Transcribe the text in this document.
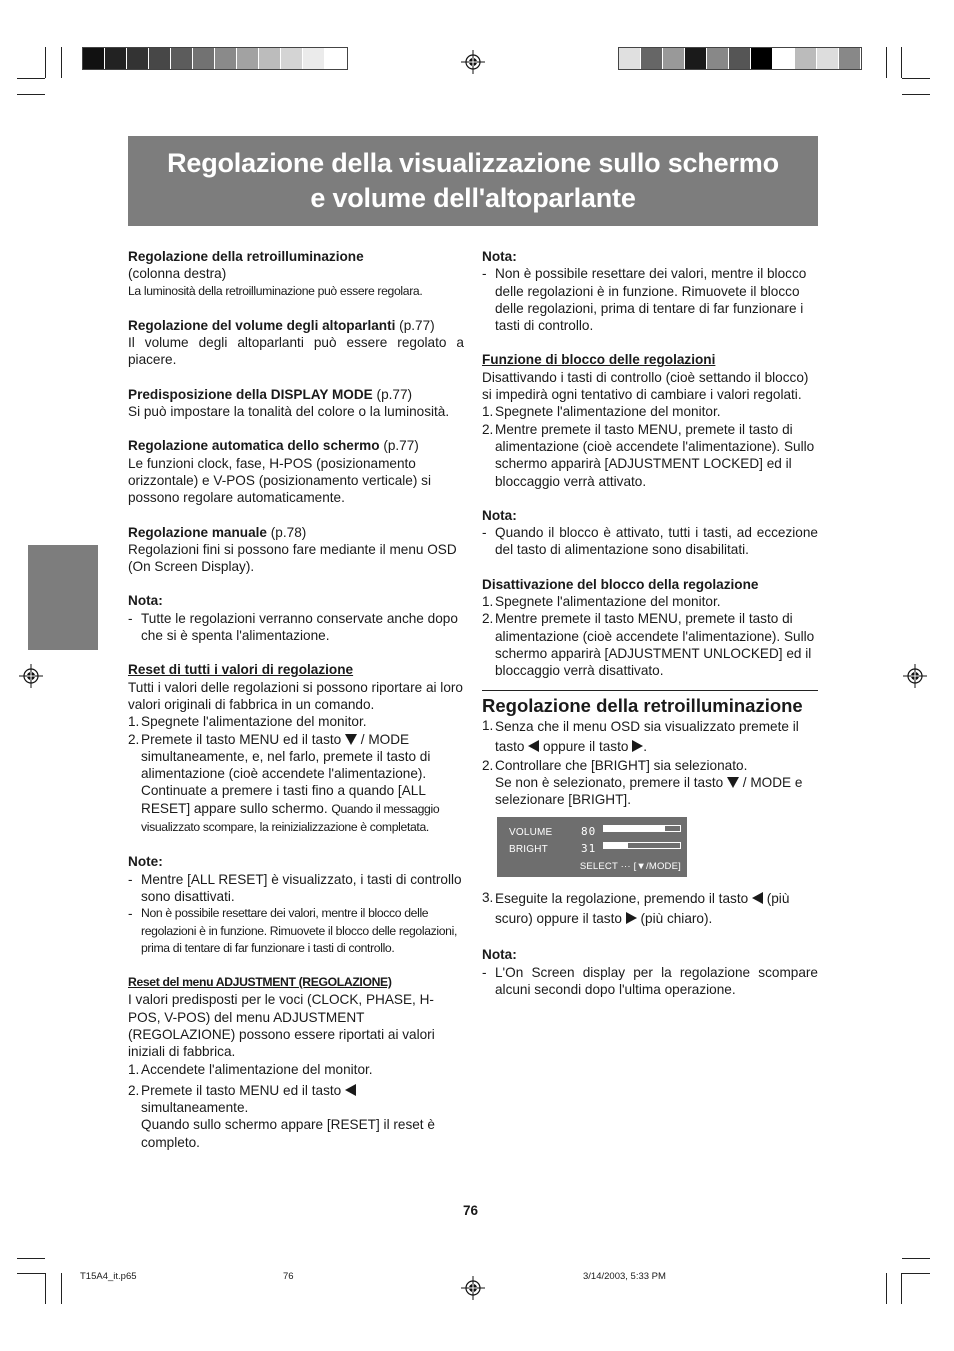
Regolazione della visualizzazione sullo schermo
e volume dell'altoparlante

Regolazione della retroilluminazione

(colonna destra)

La luminosità della retroilluminazione può essere regolara.

Regolazione del volume degli altoparlanti (p.77)

Il volume degli altoparlanti può essere regolato a piacere.

Predisposizione della DISPLAY MODE (p.77)

Si può impostare la tonalità del colore o la luminosità.

Regolazione automatica dello schermo (p.77)

Le funzioni clock, fase, H-POS (posizionamento orizzontale) e V-POS (posizionamento verticale) si possono regolare automaticamente.

Regolazione manuale (p.78)

Regolazioni fini si possono fare mediante il menu OSD (On Screen Display).

Nota:

- Tutte le regolazioni verranno conservate anche dopo che si è spenta l'alimentazione.

Reset di tutti i valori di regolazione

Tutti i valori delle regolazioni si possono riportare ai loro valori originali di fabbrica in un comando.

1. Spegnete l'alimentazione del monitor.
2. Premete il tasto MENU ed il tasto  / MODE simultaneamente, e, nel farlo, premete il tasto di alimentazione (cioè accendete l'alimentazione). Continuate a premere i tasti fino a quando [ALL RESET] appare sullo schermo. Quando il messaggio visualizzato scompare, la reinizializzazione è completata.

Note:

- Mentre [ALL RESET] è visualizzato, i tasti di controllo sono disattivati.
- Non è possibile resettare dei valori, mentre il blocco delle regolazioni è in funzione. Rimuovete il blocco delle regolazioni, prima di tentare di far funzionare i tasti di controllo.

Reset del menu ADJUSTMENT (REGOLAZIONE)

I valori predisposti per le voci (CLOCK, PHASE, H-POS, V-POS) del menu ADJUSTMENT (REGOLAZIONE) possono essere riportati ai valori iniziali di fabbrica.

1. Accendete l'alimentazione del monitor.
2. Premete il tasto MENU ed il tasto
simultaneamente.
Quando sullo schermo appare [RESET] il reset è completo.

Nota:

- Non è possibile resettare dei valori, mentre il blocco delle regolazioni è in funzione. Rimuovete il blocco delle regolazioni, prima di tentare di far funzionare i tasti di controllo.

Funzione di blocco delle regolazioni

Disattivando i tasti di controllo (cioè settando il blocco) si impedirà ogni tentativo di cambiare i valori regolati.

1. Spegnete l'alimentazione del monitor.
2. Mentre premete il tasto MENU, premete il tasto di alimentazione (cioè accendete l'alimentazione). Sullo schermo apparirà [ADJUSTMENT LOCKED] ed il bloccaggio verrà attivato.

Nota:

- Quando il blocco è attivato, tutti i tasti, ad eccezione del tasto di alimentazione sono disabilitati.

Disattivazione del blocco della regolazione

1. Spegnete l'alimentazione del monitor.
2. Mentre premete il tasto MENU, premete il tasto di alimentazione (cioè accendete l'alimentazione). Sullo schermo apparirà [ADJUSTMENT UNLOCKED] ed il bloccaggio verrà disattivato.

Regolazione della retroilluminazione

1. Senza che il menu OSD sia visualizzato premete il tasto  oppure il tasto .
2. Controllare che [BRIGHT] sia selezionato.
Se non è selezionato, premere il tasto  / MODE e selezionare [BRIGHT].
VOLUME	80
BRIGHT	31
SELECT ··· [▼/MODE]
3. Eseguite la regolazione, premendo il tasto  (più scuro) oppure il tasto  (più chiaro).

Nota:

- L'On Screen display per la regolazione scompare alcuni secondi dopo l'ultima operazione.
76
T15A4_it.p65	76	3/14/2003, 5:33 PM
